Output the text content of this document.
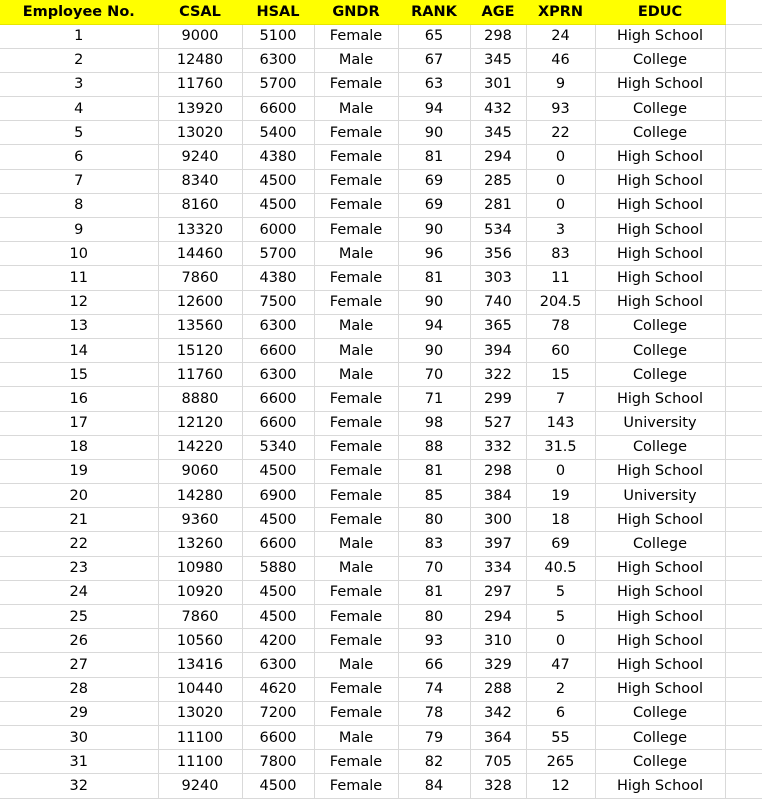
Employee No.	CSAL	HSAL	GNDR	RANK	AGE	XPRN	EDUC	
1	9000	5100	Female	65	298	24	High School	
2	12480	6300	Male	67	345	46	College	
3	11760	5700	Female	63	301	9	High School	
4	13920	6600	Male	94	432	93	College	
5	13020	5400	Female	90	345	22	College	
6	9240	4380	Female	81	294	0	High School	
7	8340	4500	Female	69	285	0	High School	
8	8160	4500	Female	69	281	0	High School	
9	13320	6000	Female	90	534	3	High School	
10	14460	5700	Male	96	356	83	High School	
11	7860	4380	Female	81	303	11	High School	
12	12600	7500	Female	90	740	204.5	High School	
13	13560	6300	Male	94	365	78	College	
14	15120	6600	Male	90	394	60	College	
15	11760	6300	Male	70	322	15	College	
16	8880	6600	Female	71	299	7	High School	
17	12120	6600	Female	98	527	143	University	
18	14220	5340	Female	88	332	31.5	College	
19	9060	4500	Female	81	298	0	High School	
20	14280	6900	Female	85	384	19	University	
21	9360	4500	Female	80	300	18	High School	
22	13260	6600	Male	83	397	69	College	
23	10980	5880	Male	70	334	40.5	High School	
24	10920	4500	Female	81	297	5	High School	
25	7860	4500	Female	80	294	5	High School	
26	10560	4200	Female	93	310	0	High School	
27	13416	6300	Male	66	329	47	High School	
28	10440	4620	Female	74	288	2	High School	
29	13020	7200	Female	78	342	6	College	
30	11100	6600	Male	79	364	55	College	
31	11100	7800	Female	82	705	265	College	
32	9240	4500	Female	84	328	12	High School	
